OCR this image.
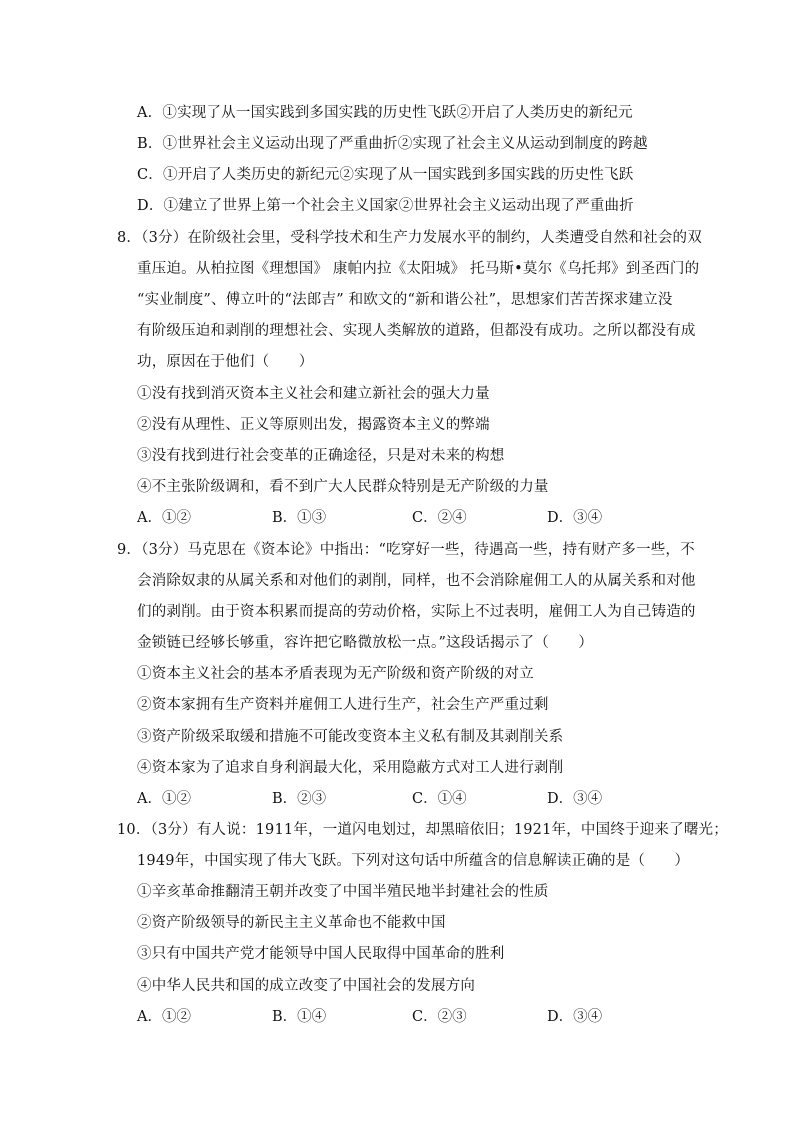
A．①实现了从一国实践到多国实践的历史性飞跃②开启了人类历史的新纪元
B．①世界社会主义运动出现了严重曲折②实现了社会主义从运动到制度的跨越
C．①开启了人类历史的新纪元②实现了从一国实践到多国实践的历史性飞跃
D．①建立了世界上第一个社会主义国家②世界社会主义运动出现了严重曲折
8．（3分）在阶级社会里，受科学技术和生产力发展水平的制约，人类遭受自然和社会的双
重压迫。从柏拉图《理想国》 康帕内拉《太阳城》 托马斯•莫尔《乌托邦》到圣西门的
“实业制度”、傅立叶的“法郎吉” 和欧文的“新和谐公社”，思想家们苦苦探求建立没
有阶级压迫和剥削的理想社会、实现人类解放的道路，但都没有成功。之所以都没有成
功，原因在于他们（　　）
①没有找到消灭资本主义社会和建立新社会的强大力量
②没有从理性、正义等原则出发，揭露资本主义的弊端
③没有找到进行社会变革的正确途径，只是对未来的构想
④不主张阶级调和，看不到广大人民群众特别是无产阶级的力量
A．①②	B．①③	C．②④	D．③④
9．（3分）马克思在《资本论》中指出：“吃穿好一些，待遇高一些，持有财产多一些，不
会消除奴隶的从属关系和对他们的剥削，同样，也不会消除雇佣工人的从属关系和对他
们的剥削。由于资本积累而提高的劳动价格，实际上不过表明，雇佣工人为自己铸造的
金锁链已经够长够重，容许把它略微放松一点。”这段话揭示了（　　）
①资本主义社会的基本矛盾表现为无产阶级和资产阶级的对立
②资本家拥有生产资料并雇佣工人进行生产，社会生产严重过剩
③资产阶级采取缓和措施不可能改变资本主义私有制及其剥削关系
④资本家为了追求自身利润最大化，采用隐蔽方式对工人进行剥削
A．①②	B．②③	C．①④	D．③④
10．（3分）有人说：1911年，一道闪电划过，却黑暗依旧；1921年，中国终于迎来了曙光；
1949年，中国实现了伟大飞跃。下列对这句话中所蕴含的信息解读正确的是（　　）
①辛亥革命推翻清王朝并改变了中国半殖民地半封建社会的性质
②资产阶级领导的新民主主义革命也不能救中国
③只有中国共产党才能领导中国人民取得中国革命的胜利
④中华人民共和国的成立改变了中国社会的发展方向
A．①②	B．①④	C．②③	D．③④
